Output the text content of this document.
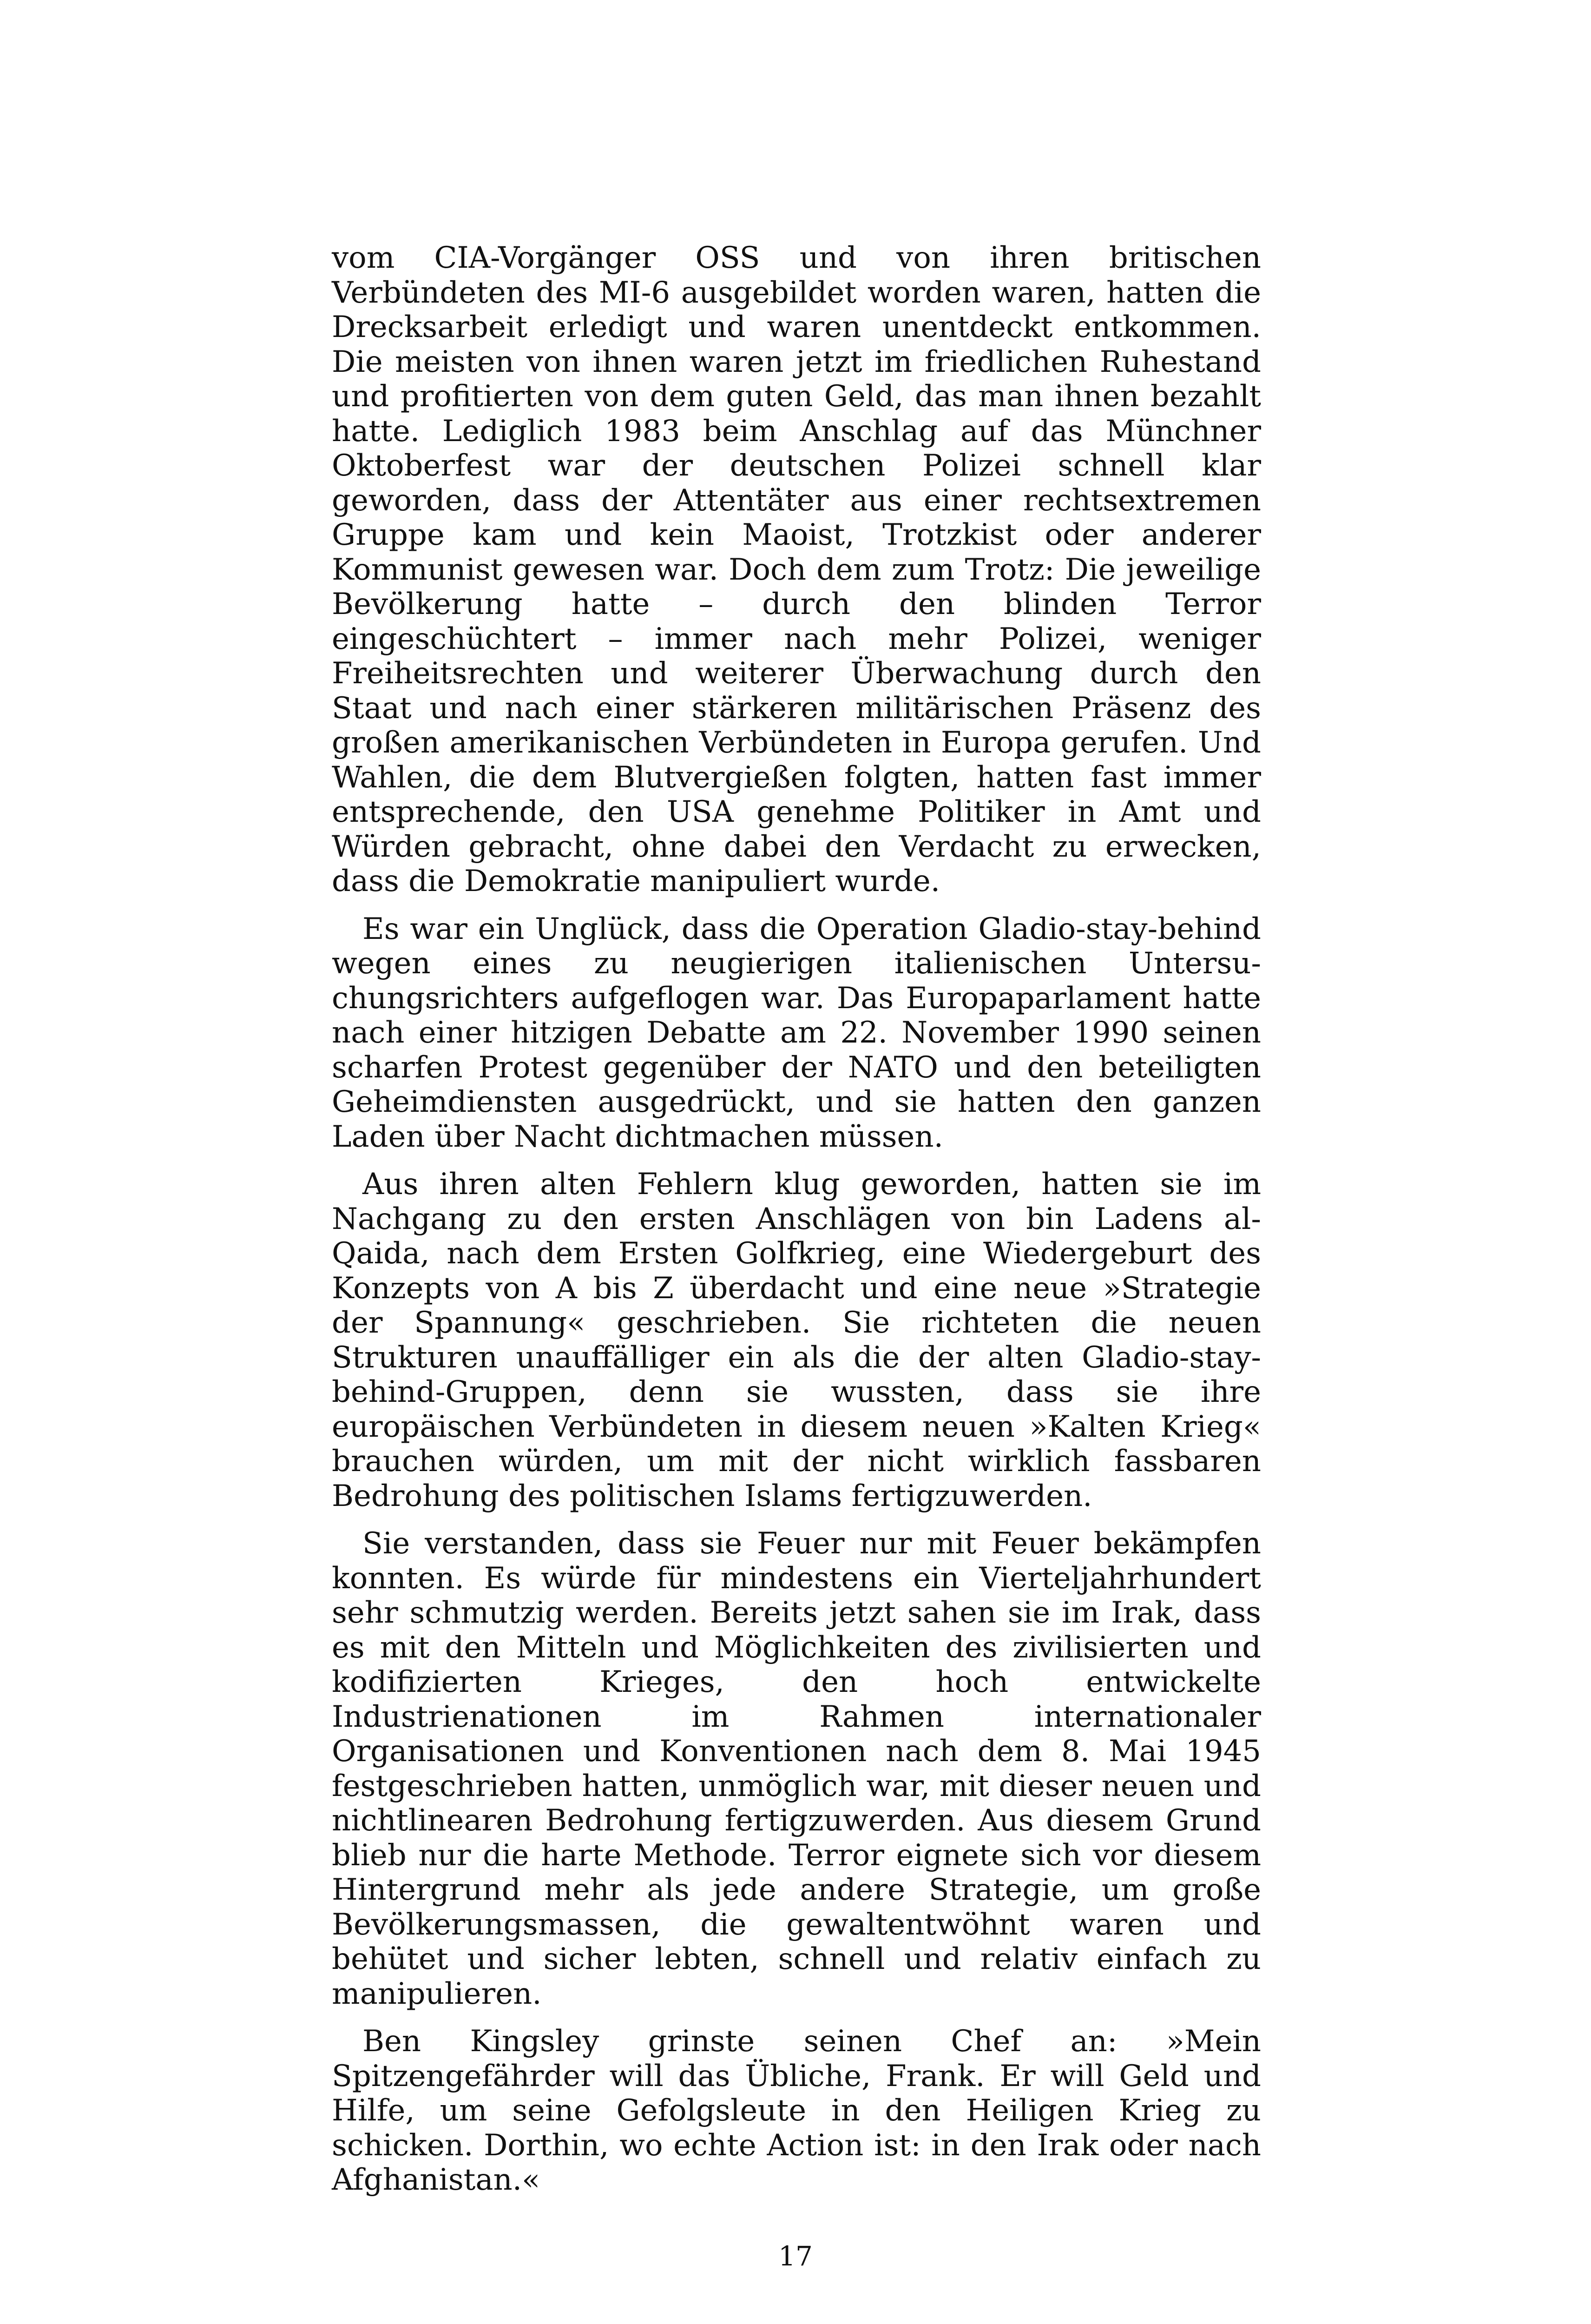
vom CIA-Vorgänger OSS und von ihren britischen Verbündeten des MI-6 ausgebildet worden waren, hatten die Drecksarbeit erledigt und waren unentdeckt entkommen. Die meisten von ihnen waren jetzt im friedlichen Ruhestand und profitierten von dem guten Geld, das man ihnen bezahlt hatte. Lediglich 1983 beim Anschlag auf das Münchner Oktoberfest war der deutschen Polizei schnell klar geworden, dass der Attentäter aus einer rechtsextremen Gruppe kam und kein Maoist, Trotzkist oder anderer Kommunist gewesen war. Doch dem zum Trotz: Die jeweilige Bevölkerung hatte – durch den blinden Terror eingeschüchtert – immer nach mehr Polizei, weniger Freiheitsrechten und weiterer Überwachung durch den Staat und nach einer stärkeren militärischen Präsenz des großen amerikanischen Verbündeten in Europa gerufen. Und Wahlen, die dem Blutvergießen folgten, hatten fast immer entsprechende, den USA genehme Politiker in Amt und Würden gebracht, ohne dabei den Verdacht zu erwecken, dass die Demokratie manipuliert wurde.

Es war ein Unglück, dass die Operation Gladio-stay-behind wegen eines zu neugierigen italienischen Untersuchungsrichters aufgeflogen war. Das Europaparlament hatte nach einer hitzigen Debatte am 22. November 1990 seinen scharfen Protest gegenüber der NATO und den beteiligten Geheimdiensten ausgedrückt, und sie hatten den ganzen Laden über Nacht dichtmachen müssen.

Aus ihren alten Fehlern klug geworden, hatten sie im Nachgang zu den ersten Anschlägen von bin Ladens al-Qaida, nach dem Ersten Golfkrieg, eine Wiedergeburt des Konzepts von A bis Z überdacht und eine neue »Strategie der Spannung« geschrieben. Sie richteten die neuen Strukturen unauffälliger ein als die der alten Gladio-stay-behind-Gruppen, denn sie wussten, dass sie ihre europäischen Verbündeten in diesem neuen »Kalten Krieg« brauchen würden, um mit der nicht wirklich fassbaren Bedrohung des politischen Islams fertigzuwerden.

Sie verstanden, dass sie Feuer nur mit Feuer bekämpfen konnten. Es würde für mindestens ein Vierteljahrhundert sehr schmutzig werden. Bereits jetzt sahen sie im Irak, dass es mit den Mitteln und Möglichkeiten des zivilisierten und kodifizierten Krieges, den hoch entwickelte Industrienationen im Rahmen internationaler Organisationen und Konventionen nach dem 8. Mai 1945 festgeschrieben hatten, unmöglich war, mit dieser neuen und nichtlinearen Bedrohung fertigzuwerden. Aus diesem Grund blieb nur die harte Methode. Terror eignete sich vor diesem Hintergrund mehr als jede andere Strategie, um große Bevölkerungsmassen, die gewaltentwöhnt waren und behütet und sicher lebten, schnell und relativ einfach zu manipulieren.

Ben Kingsley grinste seinen Chef an: »Mein Spitzengefährder will das Übliche, Frank. Er will Geld und Hilfe, um seine Gefolgsleute in den Heiligen Krieg zu schicken. Dorthin, wo echte Action ist: in den Irak oder nach Afghanistan.«

17
